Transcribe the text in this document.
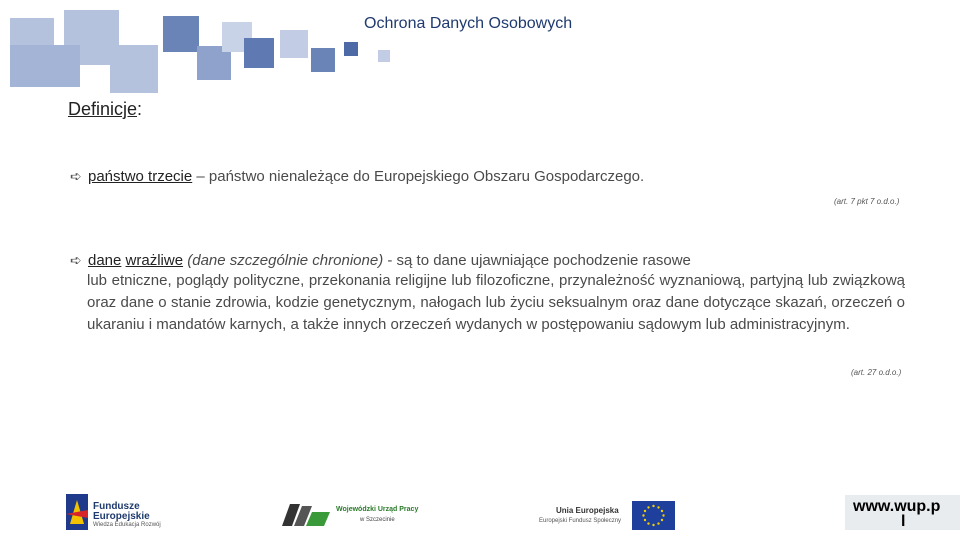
Ochrona Danych Osobowych
Definicje:
➪ państwo trzecie – państwo nienależące do Europejskiego Obszaru Gospodarczego.
(art. 7 pkt 7 o.d.o.)
➪ dane wrażliwe (dane szczególnie chronione) - są to dane ujawniające pochodzenie rasowe
lub etniczne, poglądy polityczne, przekonania religijne lub filozoficzne, przynależność wyznaniową, partyjną lub związkową oraz dane o stanie zdrowia, kodzie genetycznym, nałogach lub życiu seksualnym oraz dane dotyczące skazań, orzeczeń o ukaraniu i mandatów karnych, a także innych orzeczeń wydanych w postępowaniu sądowym lub administracyjnym.
(art. 27 o.d.o.)
Fundusze
Europejskie
Wiedza Edukacja Rozwój
Wojewódzki Urząd Pracy
w Szczecinie
Unia Europejska
Europejski Fundusz Społeczny
www.wup.p
l
